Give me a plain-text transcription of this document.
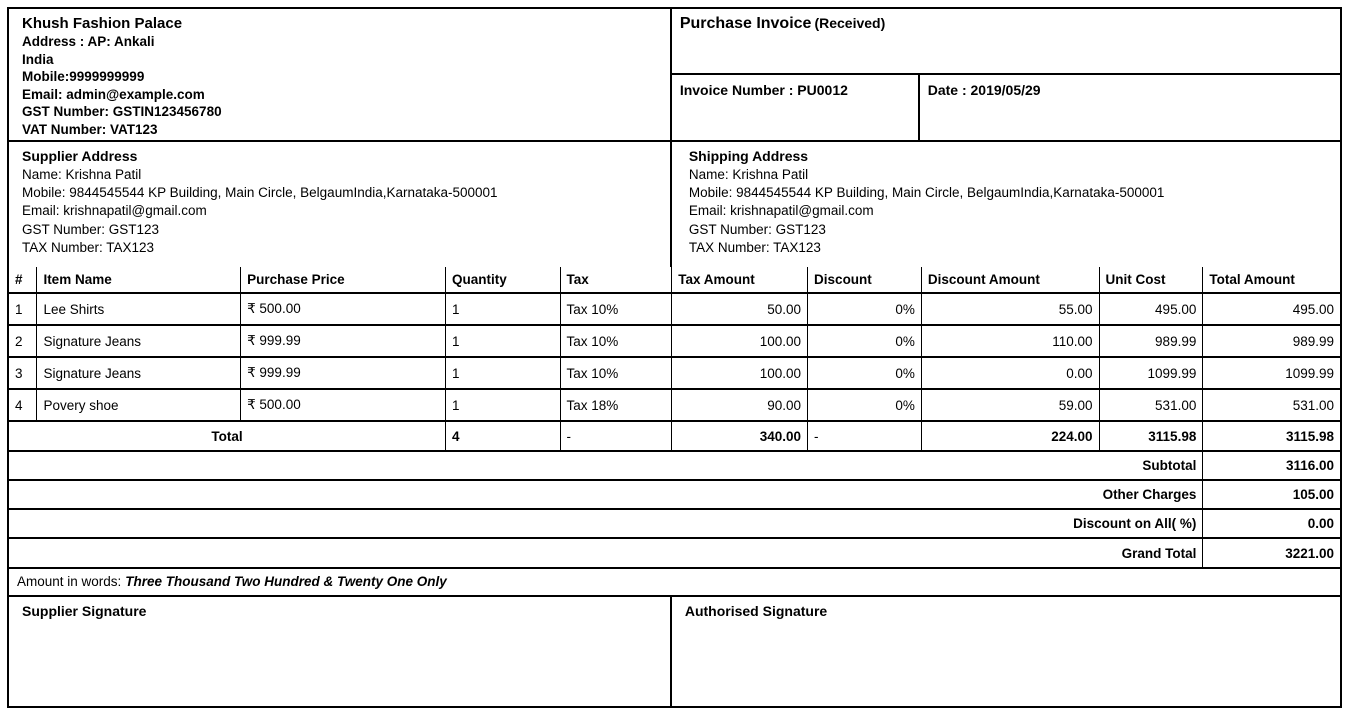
Khush Fashion Palace
Address : AP: Ankali
India
Mobile:9999999999
Email: admin@example.com
GST Number: GSTIN123456780
VAT Number: VAT123
Purchase Invoice (Received)
Invoice Number : PU0012	Date : 2019/05/29
Supplier Address
Name: Krishna Patil
Mobile: 9844545544 KP Building, Main Circle, BelgaumIndia,Karnataka-500001
Email: krishnapatil@gmail.com
GST Number: GST123
TAX Number: TAX123
Shipping Address
Name: Krishna Patil
Mobile: 9844545544 KP Building, Main Circle, BelgaumIndia,Karnataka-500001
Email: krishnapatil@gmail.com
GST Number: GST123
TAX Number: TAX123
#	Item Name	Purchase Price	Quantity	Tax	Tax Amount	Discount	Discount Amount	Unit Cost	Total Amount
1	Lee Shirts	₹ 500.00	1	Tax 10%	50.00	0%	55.00	495.00	495.00
2	Signature Jeans	₹ 999.99	1	Tax 10%	100.00	0%	110.00	989.99	989.99
3	Signature Jeans	₹ 999.99	1	Tax 10%	100.00	0%	0.00	1099.99	1099.99
4	Povery shoe	₹ 500.00	1	Tax 18%	90.00	0%	59.00	531.00	531.00
Total			4	-	340.00	-	224.00	3115.98	3115.98
Subtotal									3116.00
Other Charges									105.00
Discount on All( %)									0.00
Grand Total									3221.00
Amount in words: Three Thousand Two Hundred & Twenty One Only
Supplier Signature	Authorised Signature
